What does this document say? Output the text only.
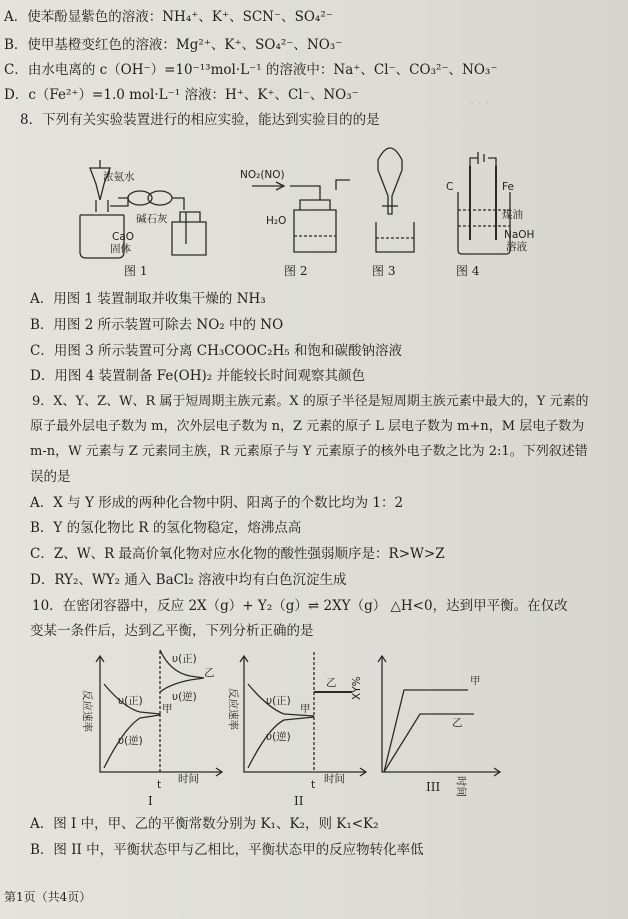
· · ·
A．使苯酚显紫色的溶液：NH₄⁺、K⁺、SCN⁻、SO₄²⁻
B．使甲基橙变红色的溶液：Mg²⁺、K⁺、SO₄²⁻、NO₃⁻
C．由水电离的 c（OH⁻）=10⁻¹³mol·L⁻¹ 的溶液中：Na⁺、Cl⁻、CO₃²⁻、NO₃⁻
D．c（Fe²⁺）=1.0 mol·L⁻¹ 溶液：H⁺、K⁺、Cl⁻、NO₃⁻
8．下列有关实验装置进行的相应实验，能达到实验目的的是
浓氨水
碱石灰
CaO
固体
NO₂(NO)
H₂O
C	Fe
煤油
NaOH
溶液
图 1	图 2	图 3	图 4
A．用图 1 装置制取并收集干燥的 NH₃
B．用图 2 所示装置可除去 NO₂ 中的 NO
C．用图 3 所示装置可分离 CH₃COOC₂H₅ 和饱和碳酸钠溶液
D．用图 4 装置制备 Fe(OH)₂ 并能较长时间观察其颜色
9．X、Y、Z、W、R 属于短周期主族元素。X 的原子半径是短周期主族元素中最大的，Y 元素的
原子最外层电子数为 m，次外层电子数为 n，Z 元素的原子 L 层电子数为 m+n，M 层电子数为
m-n，W 元素与 Z 元素同主族，R 元素原子与 Y 元素原子的核外电子数之比为 2:1。下列叙述错
误的是
A．X 与 Y 形成的两种化合物中阴、阳离子的个数比均为 1：2
B．Y 的氢化物比 R 的氢化物稳定，熔沸点高
C．Z、W、R 最高价氧化物对应水化物的酸性强弱顺序是：R>W>Z
D．RY₂、WY₂ 通入 BaCl₂ 溶液中均有白色沉淀生成
10．在密闭容器中，反应 2X（g）+ Y₂（g）⇌ 2XY（g） △H<0，达到甲平衡。在仅改
变某一条件后，达到乙平衡，下列分析正确的是
反应速率 υ(正)
υ(逆)
甲
υ(正)
υ(逆)
乙
t 时间
反应速率	υ(正)
υ(逆)
甲
乙
t 时间
XY%	甲
乙
时间
I	II
III
A．图 I 中，甲、乙的平衡常数分别为 K₁、K₂，则 K₁<K₂
B．图 II 中，平衡状态甲与乙相比，平衡状态甲的反应物转化率低
第1页（共4页）
